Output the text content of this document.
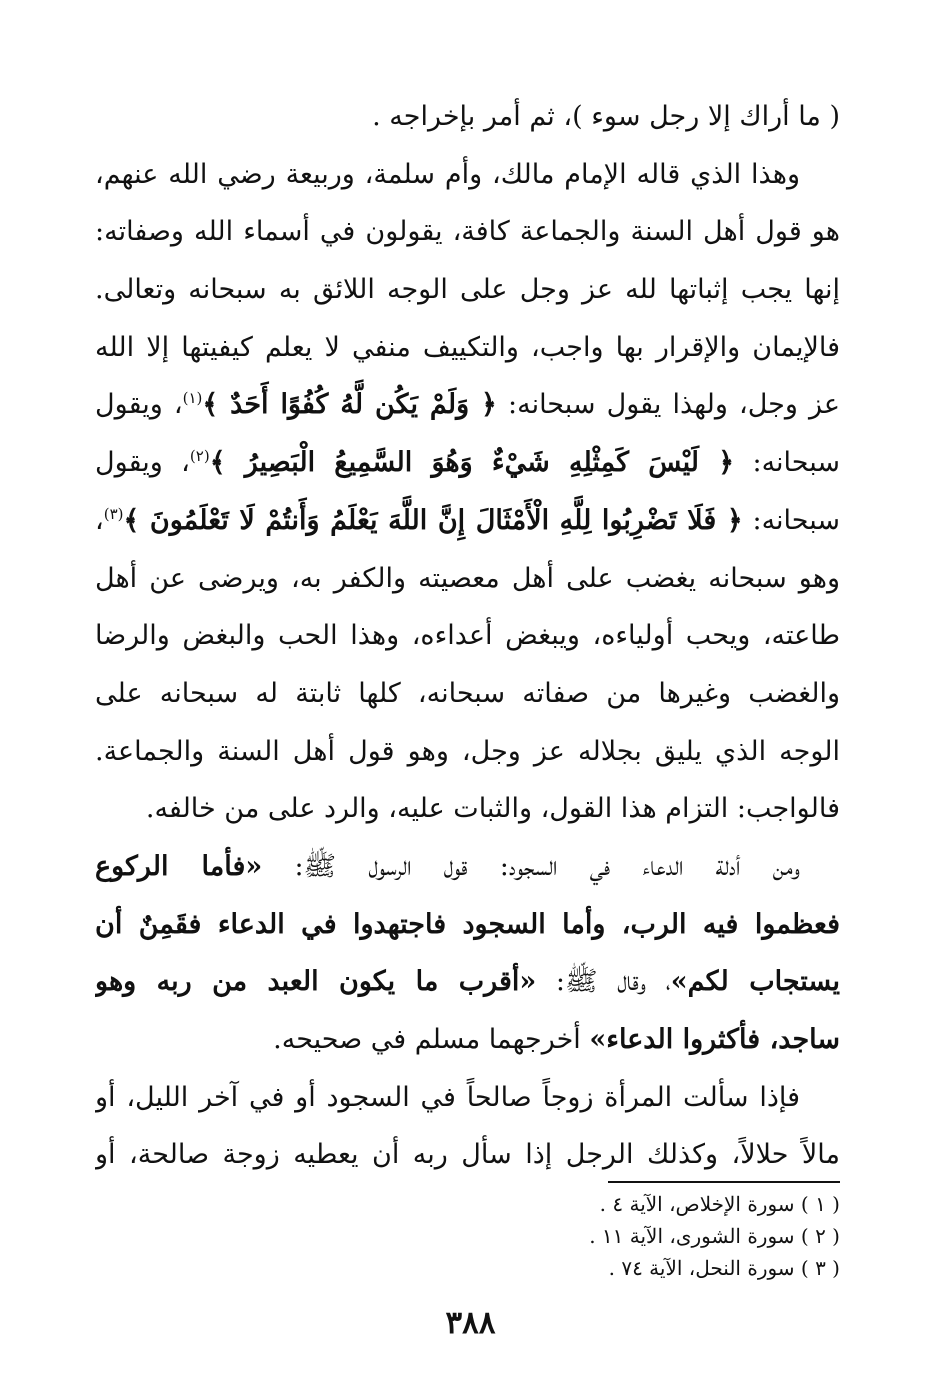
( ما أراك إلا رجل سوء )، ثم أمر بإخراجه .
وهذا الذي قاله الإمام مالك، وأم سلمة، وربيعة رضي الله عنهم،
هو قول أهل السنة والجماعة كافة، يقولون في أسماء الله وصفاته:
إنها يجب إثباتها لله عز وجل على الوجه اللائق به سبحانه وتعالى.
فالإيمان والإقرار بها واجب، والتكييف منفي لا يعلم كيفيتها إلا الله
عز وجل، ولهذا يقول سبحانه: ﴿ وَلَمْ يَكُن لَّهُ كُفُوًا أَحَدٌ ﴾$^{(١)}$، ويقول
سبحانه: ﴿ لَيْسَ كَمِثْلِهِ شَيْءٌ وَهُوَ السَّمِيعُ الْبَصِيرُ ﴾$^{(٢)}$، ويقول
سبحانه: ﴿ فَلَا تَضْرِبُوا لِلَّهِ الْأَمْثَالَ إِنَّ اللَّهَ يَعْلَمُ وَأَنتُمْ لَا تَعْلَمُونَ ﴾$^{(٣)}$،
وهو سبحانه يغضب على أهل معصيته والكفر به، ويرضى عن أهل
طاعته، ويحب أولياءه، ويبغض أعداءه، وهذا الحب والبغض والرضا
والغضب وغيرها من صفاته سبحانه، كلها ثابتة له سبحانه على
الوجه الذي يليق بجلاله عز وجل، وهو قول أهل السنة والجماعة.
فالواجب: التزام هذا القول، والثبات عليه، والرد على من خالفه.
ومن أدلة الدعاء في السجود: قول الرسول ﷺ: «فأما الركوع
فعظموا فيه الرب، وأما السجود فاجتهدوا في الدعاء فقَمِنٌ أن
يستجاب لكم»، وقال ﷺ: «أقرب ما يكون العبد من ربه وهو
ساجد، فأكثروا الدعاء» أخرجهما مسلم في صحيحه.
فإذا سألت المرأة زوجاً صالحاً في السجود أو في آخر الليل، أو
مالاً حلالاً، وكذلك الرجل إذا سأل ربه أن يعطيه زوجة صالحة، أو
( ١ ) سورة الإخلاص، الآية ٤ .
( ٢ ) سورة الشورى، الآية ١١ .
( ٣ ) سورة النحل، الآية ٧٤ .
٣٨٨
